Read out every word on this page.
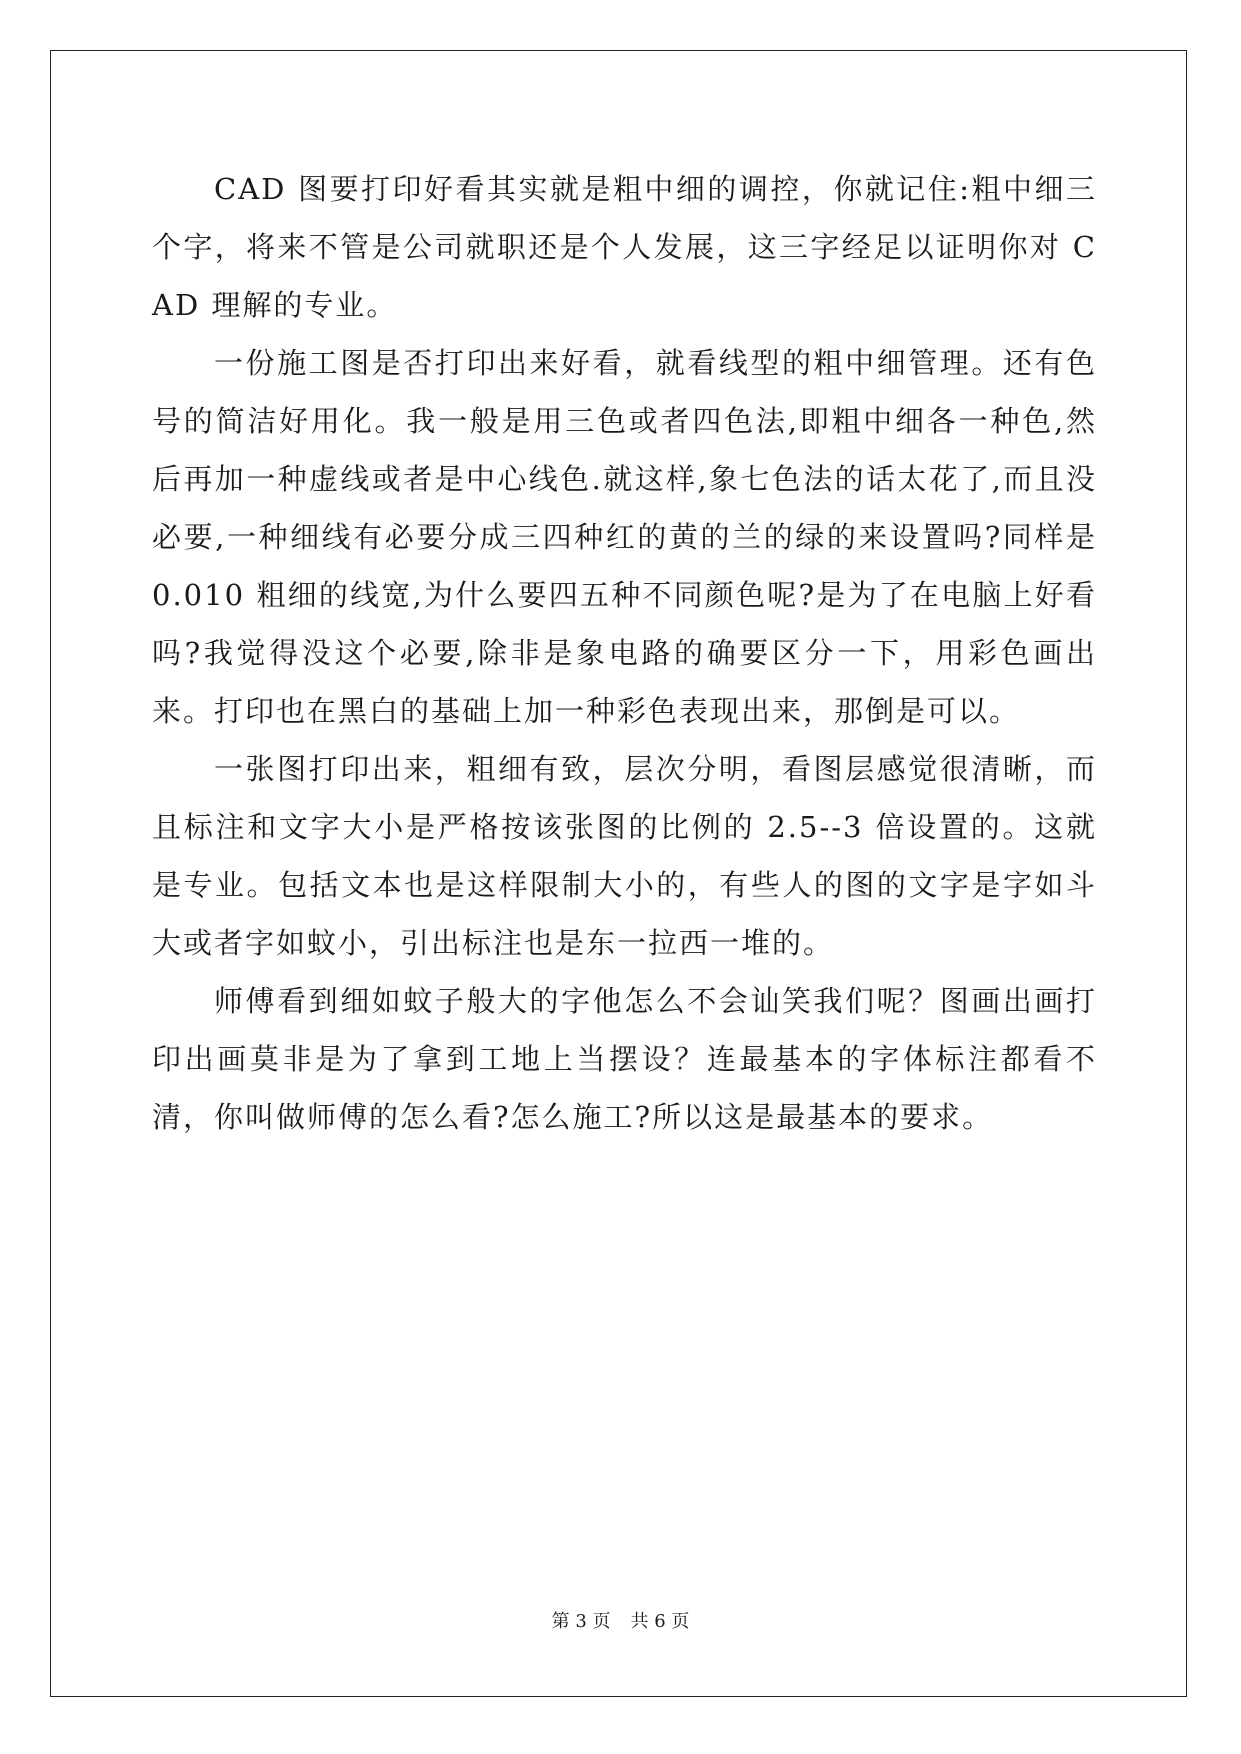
CAD 图要打印好看其实就是粗中细的调控，你就记住:粗中细三个字，将来不管是公司就职还是个人发展，这三字经足以证明你对 CAD 理解的专业。

一份施工图是否打印出来好看，就看线型的粗中细管理。还有色号的简洁好用化。我一般是用三色或者四色法,即粗中细各一种色,然后再加一种虚线或者是中心线色.就这样,象七色法的话太花了,而且没必要,一种细线有必要分成三四种红的黄的兰的绿的来设置吗?同样是 0.010 粗细的线宽,为什么要四五种不同颜色呢?是为了在电脑上好看吗?我觉得没这个必要,除非是象电路的确要区分一下，用彩色画出来。打印也在黑白的基础上加一种彩色表现出来，那倒是可以。

一张图打印出来，粗细有致，层次分明，看图层感觉很清晰，而且标注和文字大小是严格按该张图的比例的 2.5--3 倍设置的。这就是专业。包括文本也是这样限制大小的，有些人的图的文字是字如斗大或者字如蚊小，引出标注也是东一拉西一堆的。

师傅看到细如蚊子般大的字他怎么不会讪笑我们呢？图画出画打印出画莫非是为了拿到工地上当摆设？连最基本的字体标注都看不清，你叫做师傅的怎么看?怎么施工?所以这是最基本的要求。

第 3 页 共 6 页
